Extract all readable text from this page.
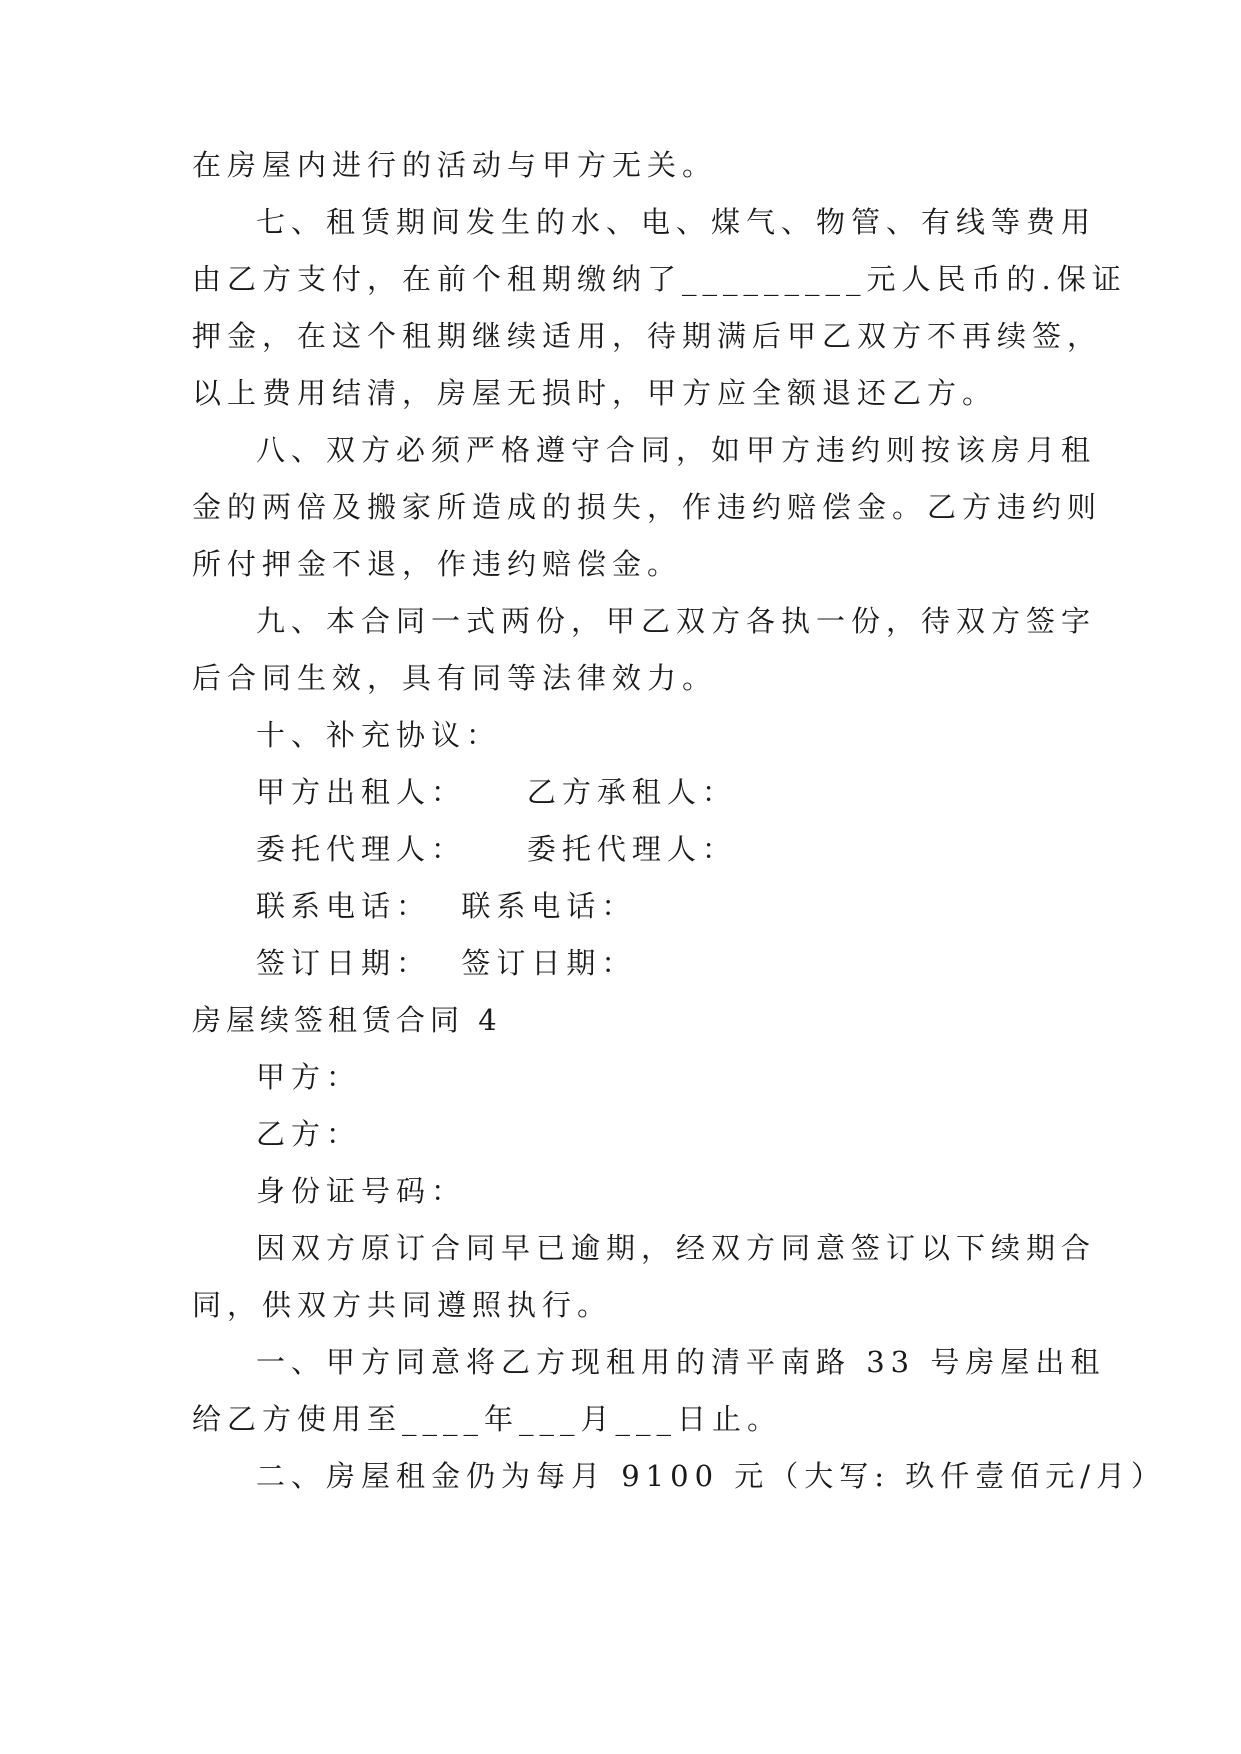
在房屋内进行的活动与甲方无关。
七、租赁期间发生的水、电、煤气、物管、有线等费用
由乙方支付，在前个租期缴纳了_________元人民币的.保证
押金，在这个租期继续适用，待期满后甲乙双方不再续签，
以上费用结清，房屋无损时，甲方应全额退还乙方。
八、双方必须严格遵守合同，如甲方违约则按该房月租
金的两倍及搬家所造成的损失，作违约赔偿金。乙方违约则
所付押金不退，作违约赔偿金。
九、本合同一式两份，甲乙双方各执一份，待双方签字
后合同生效，具有同等法律效力。
十、补充协议：
甲方出租人：    乙方承租人：
委托代理人：    委托代理人：
联系电话：  联系电话：
签订日期：  签订日期：
房屋续签租赁合同 4
甲方：
乙方：
身份证号码：
因双方原订合同早已逾期，经双方同意签订以下续期合
同，供双方共同遵照执行。
一、甲方同意将乙方现租用的清平南路 33 号房屋出租
给乙方使用至____年___月___日止。
二、房屋租金仍为每月 9100 元（大写: 玖仟壹佰元/月）
